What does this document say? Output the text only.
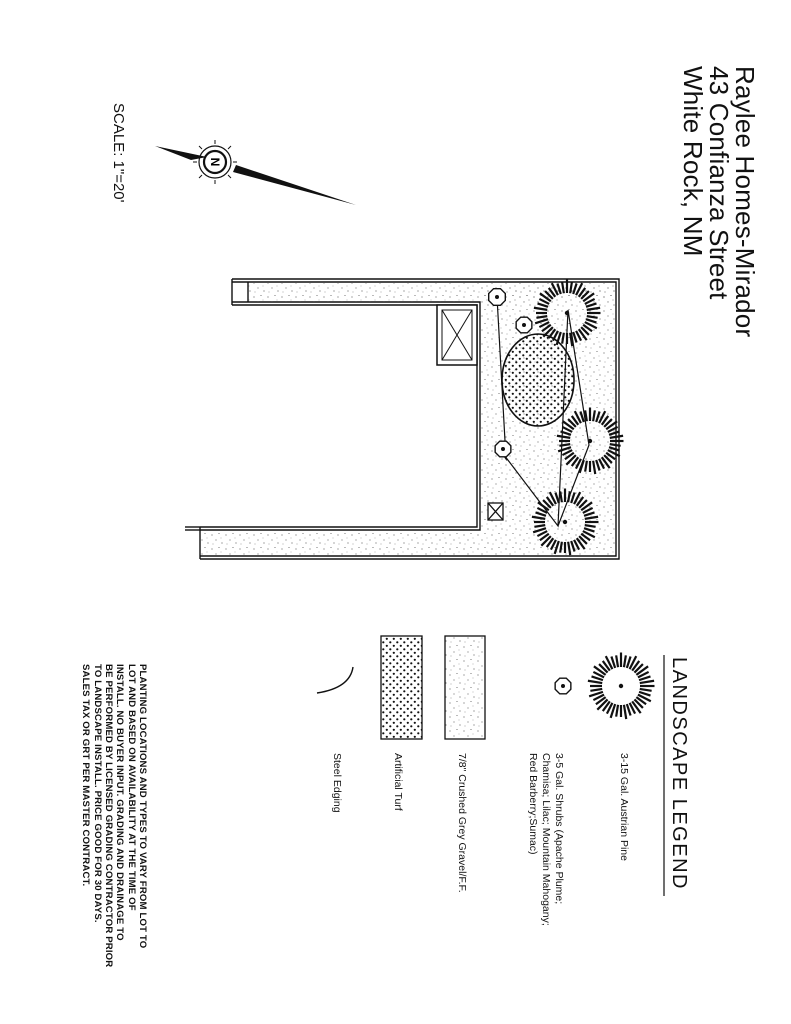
Raylee Homes-Mirador
43 Confianza Street
White Rock, NM
SCALE: 1"=20'	N
LANDSCAPE LEGEND
3-15 Gal. Austrian Pine
3-5 Gal. Shrubs (Apache Plume;
Chamisa; Lilac; Mountain Mahogany;
Red Barberry;Sumac)
7/8" Crushed Grey Gravel/F.F.
Artificial Turf
Steel Edging
PLANTING LOCATIONS AND TYPES TO VARY FROM LOT TO
LOT AND BASED ON AVAILABILITY AT THE TIME OF
INSTALL. NO BUYER INPUT. GRADING AND DRAINAGE TO
BE PERFORMED BY LICENSED GRADING CONTRACTOR PRIOR
TO LANDSCAPE INSTALL. PRICE GOOD FOR 30 DAYS.
SALES TAX OR GRT PER MASTER CONTRACT.
